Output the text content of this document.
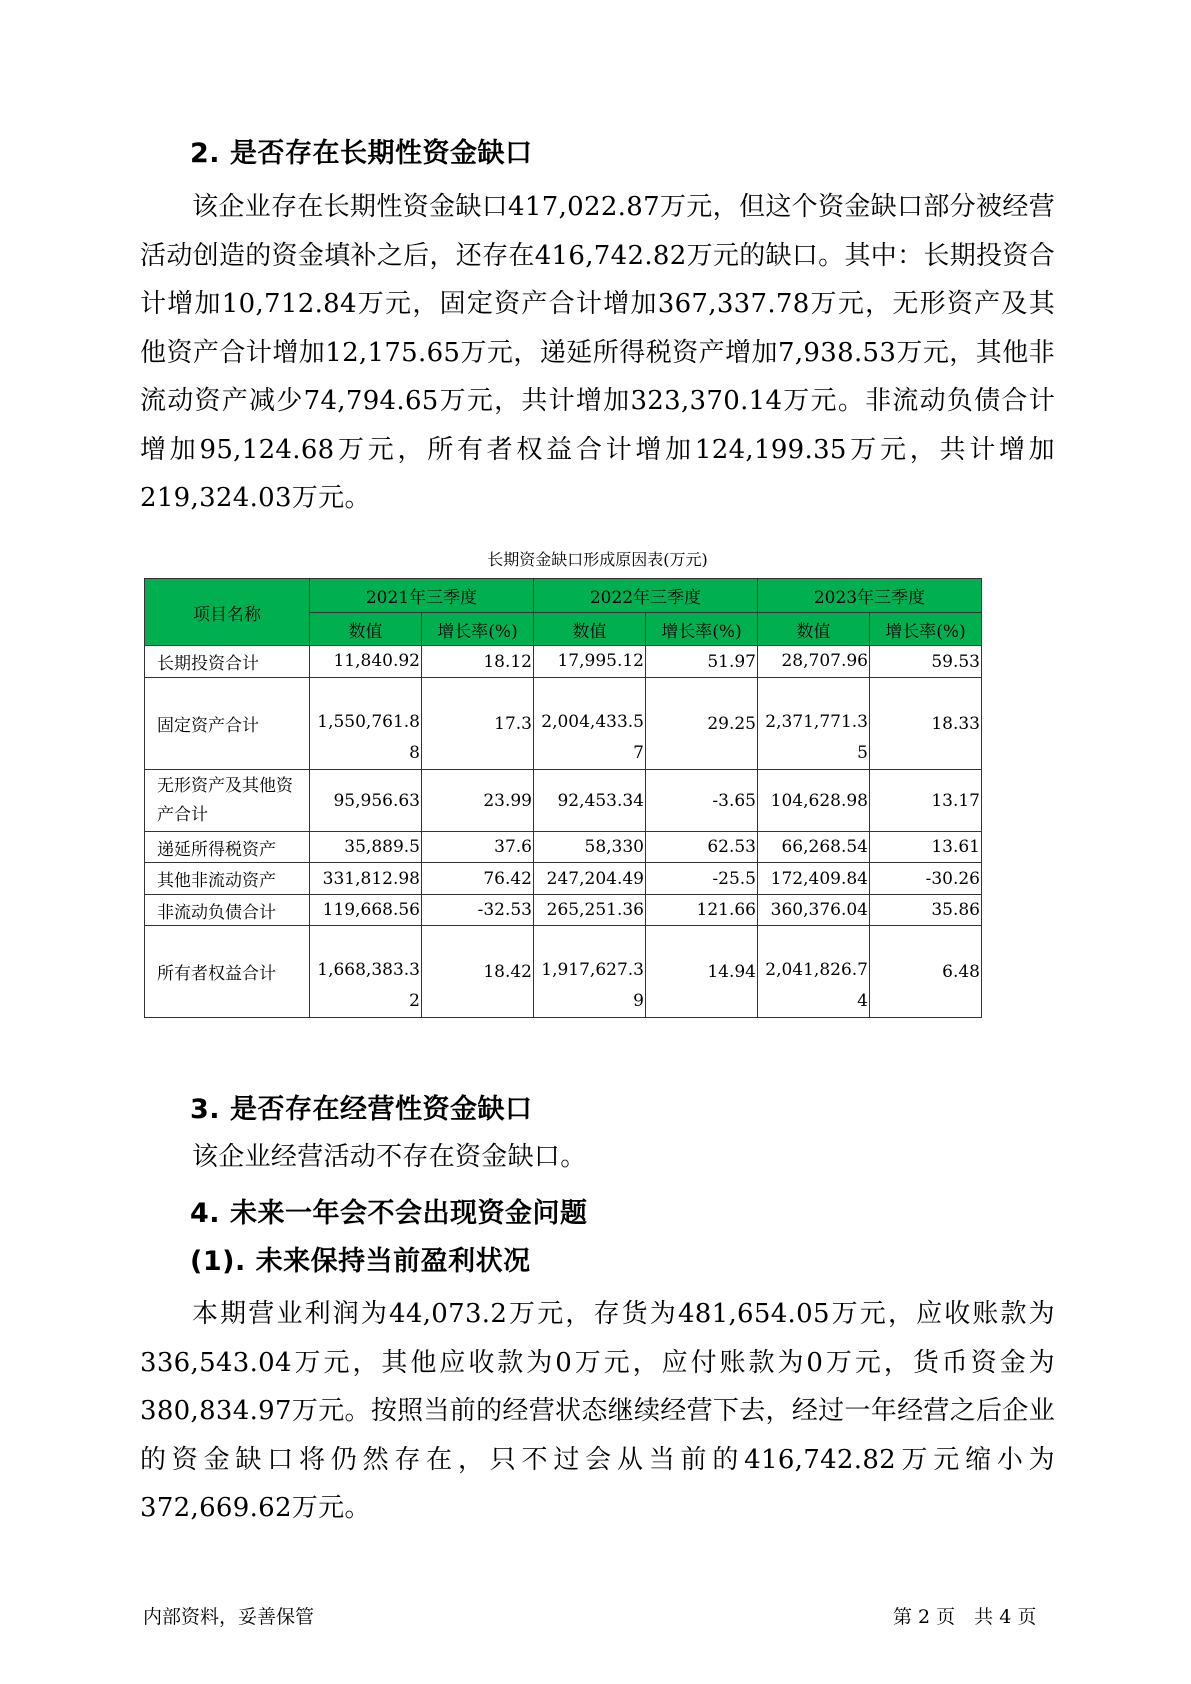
2. 是否存在长期性资金缺口

该企业存在长期性资金缺口417,022.87万元，但这个资金缺口部分被经营活动创造的资金填补之后，还存在416,742.82万元的缺口。其中：长期投资合计增加10,712.84万元，固定资产合计增加367,337.78万元，无形资产及其他资产合计增加12,175.65万元，递延所得税资产增加7,938.53万元，其他非流动资产减少74,794.65万元，共计增加323,370.14万元。非流动负债合计增加95,124.68万元，所有者权益合计增加124,199.35万元，共计增加219,324.03万元。

长期资金缺口形成原因表(万元)
项目名称	2021年三季度		2022年三季度		2023年三季度	
	数值	增长率(%)	数值	增长率(%)	数值	增长率(%)
长期投资合计	11,840.92	18.12	17,995.12	51.97	28,707.96	59.53
固定资产合计	1,550,761.88	17.3	2,004,433.57	29.25	2,371,771.35	18.33
无形资产及其他资产合计	95,956.63	23.99	92,453.34	-3.65	104,628.98	13.17
递延所得税资产	35,889.5	37.6	58,330	62.53	66,268.54	13.61
其他非流动资产	331,812.98	76.42	247,204.49	-25.5	172,409.84	-30.26
非流动负债合计	119,668.56	-32.53	265,251.36	121.66	360,376.04	35.86
所有者权益合计	1,668,383.32	18.42	1,917,627.39	14.94	2,041,826.74	6.48
3. 是否存在经营性资金缺口

该企业经营活动不存在资金缺口。

4. 未来一年会不会出现资金问题
(1). 未来保持当前盈利状况

本期营业利润为44,073.2万元，存货为481,654.05万元，应收账款为336,543.04万元，其他应收款为0万元，应付账款为0万元，货币资金为380,834.97万元。按照当前的经营状态继续经营下去，经过一年经营之后企业的资金缺口将仍然存在，只不过会从当前的416,742.82万元缩小为372,669.62万元。

内部资料，妥善保管	第 2 页　共 4 页
